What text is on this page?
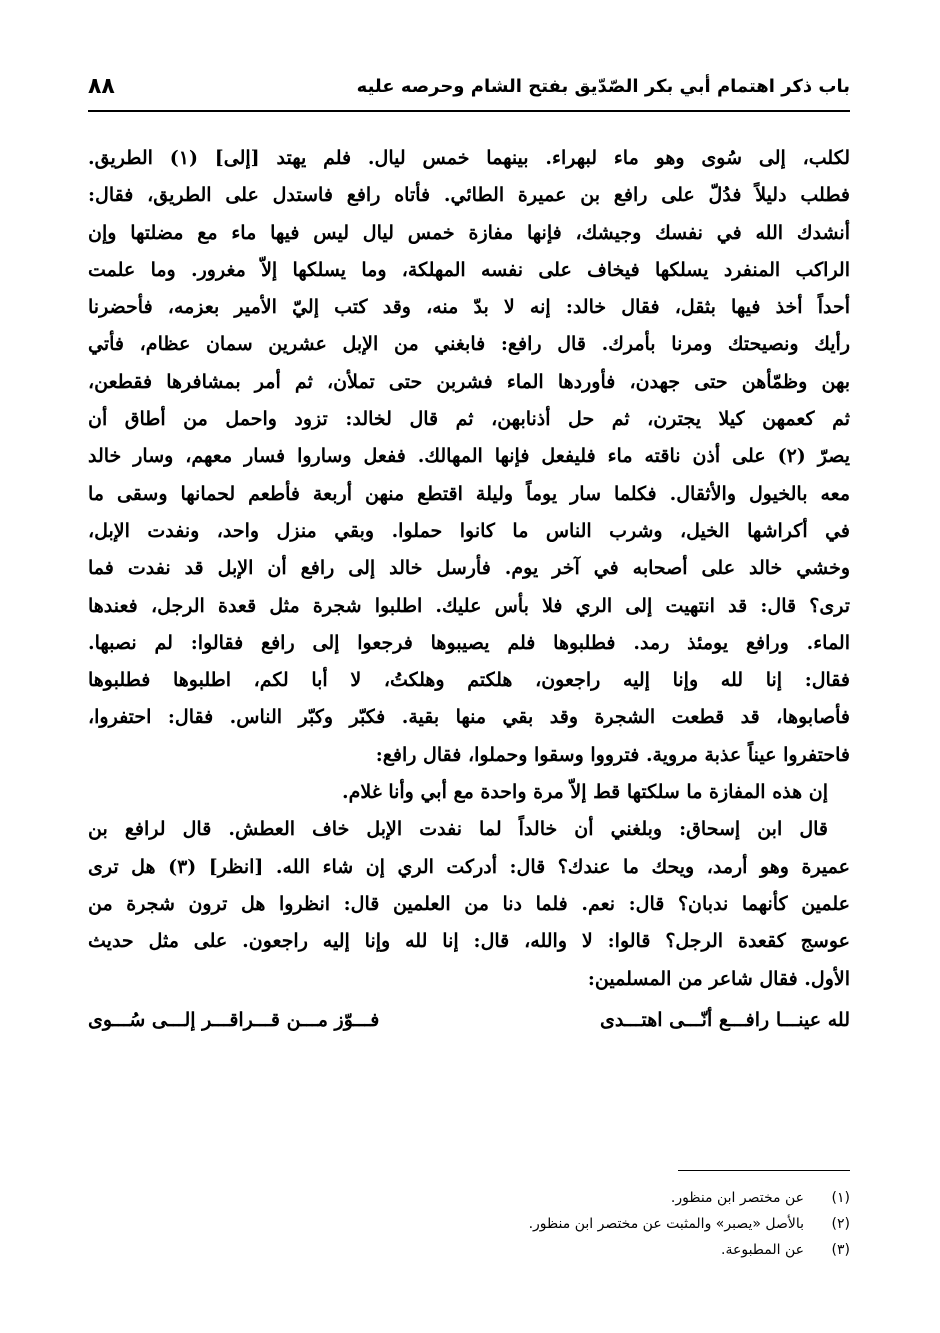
باب ذكر اهتمام أبي بكر الصّدّيق بفتح الشام وحرصه عليه
٨٨
لكلب، إلى سُوى وهو ماء لبهراء. بينهما خمس ليال. فلم يهتد [إلى] (١) الطريق.
فطلب دليلاً فدُلّ على رافع بن عميرة الطائي. فأتاه رافع فاستدل على الطريق، فقال:
أنشدك الله في نفسك وجيشك، فإنها مفازة خمس ليال ليس فيها ماء مع مضلتها وإن
الراكب المنفرد يسلكها فيخاف على نفسه المهلكة، وما يسلكها إلاّ مغرور. وما علمت
أحداً أخذ فيها بثقل، فقال خالد: إنه لا بدّ منه، وقد كتب إليّ الأمير بعزمه، فأحضرنا
رأيك ونصيحتك ومرنا بأمرك. قال رافع: فابغني من الإبل عشرين سمان عظام، فأتي
بهن وظمّأهن حتى جهدن، فأوردها الماء فشربن حتى تملأن، ثم أمر بمشافرها فقطعن،
ثم كعمهن كيلا يجترن، ثم حل أذنابهن، ثم قال لخالد: تزود واحمل من أطاق أن
يصرّ (٢) على أذن ناقته ماء فليفعل فإنها المهالك. ففعل وساروا فسار معهم، وسار خالد
معه بالخيول والأثقال. فكلما سار يوماً وليلة اقتطع منهن أربعة فأطعم لحمانها وسقى ما
في أكراشها الخيل، وشرب الناس ما كانوا حملوا. وبقي منزل واحد، ونفدت الإبل،
وخشي خالد على أصحابه في آخر يوم. فأرسل خالد إلى رافع أن الإبل قد نفدت فما
ترى؟ قال: قد انتهيت إلى الري فلا بأس عليك. اطلبوا شجرة مثل قعدة الرجل، فعندها
الماء. ورافع يومئذ رمد. فطلبوها فلم يصيبوها فرجعوا إلى رافع فقالوا: لم نصبها.
فقال: إنا لله وإنا إليه راجعون، هلكتم وهلكتُ، لا أبا لكم، اطلبوها فطلبوها
فأصابوها، قد قطعت الشجرة وقد بقي منها بقية. فكبّر وكبّر الناس. فقال: احتفروا،
فاحتفروا عيناً عذبة مروية. فترووا وسقوا وحملوا، فقال رافع:
إن هذه المفازة ما سلكتها قط إلاّ مرة واحدة مع أبي وأنا غلام.
قال ابن إسحاق: وبلغني أن خالداً لما نفدت الإبل خاف العطش. قال لرافع بن
عميرة وهو أرمد، ويحك ما عندك؟ قال: أدركت الري إن شاء الله. [انظر] (٣) هل ترى
علمين كأنهما ندبان؟ قال: نعم. فلما دنا من العلمين قال: انظروا هل ترون شجرة من
عوسج كقعدة الرجل؟ قالوا: لا والله، قال: إنا لله وإنا إليه راجعون. على مثل حديث
الأول. فقال شاعر من المسلمين:
لله عينـــا رافـــع أنّـــى اهتـــدى
فـــوّز مـــن قـــراقـــر إلـــى سُـــوى
(١)عن مختصر ابن منظور.
(٢)بالأصل «يصبر» والمثبت عن مختصر ابن منظور.
(٣)عن المطبوعة.
